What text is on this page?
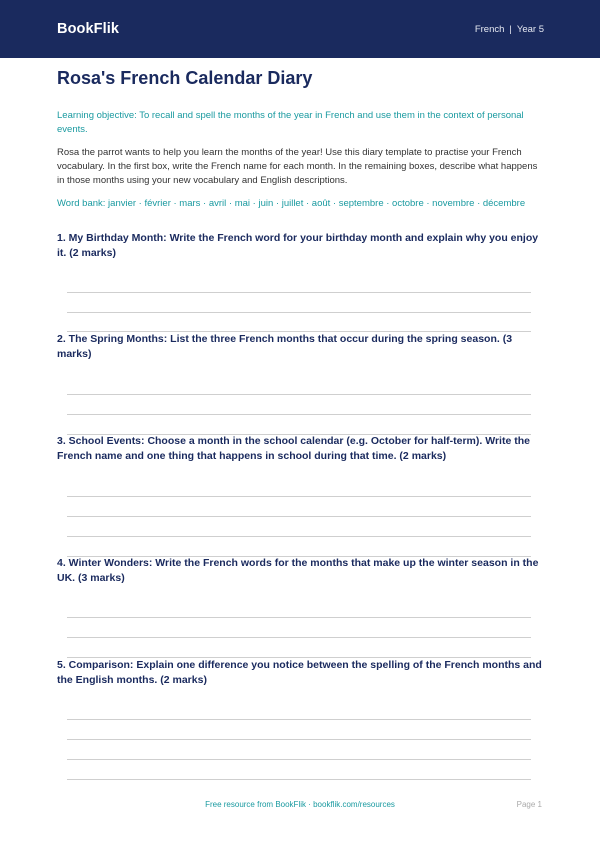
BookFlik	French | Year 5
Rosa's French Calendar Diary

Learning objective: To recall and spell the months of the year in French and use them in the context of personal events.

Rosa the parrot wants to help you learn the months of the year! Use this diary template to practise your French vocabulary. In the first box, write the French name for each month. In the remaining boxes, describe what happens in those months using your new vocabulary and English descriptions.

Word bank: janvier · février · mars · avril · mai · juin · juillet · août · septembre · octobre · novembre · décembre

1. My Birthday Month: Write the French word for your birthday month and explain why you enjoy it. (2 marks)

2. The Spring Months: List the three French months that occur during the spring season. (3 marks)

3. School Events: Choose a month in the school calendar (e.g. October for half-term). Write the French name and one thing that happens in school during that time. (2 marks)

4. Winter Wonders: Write the French words for the months that make up the winter season in the UK. (3 marks)

5. Comparison: Explain one difference you notice between the spelling of the French months and the English months. (2 marks)

Free resource from BookFlik · bookflik.com/resources	Page 1
